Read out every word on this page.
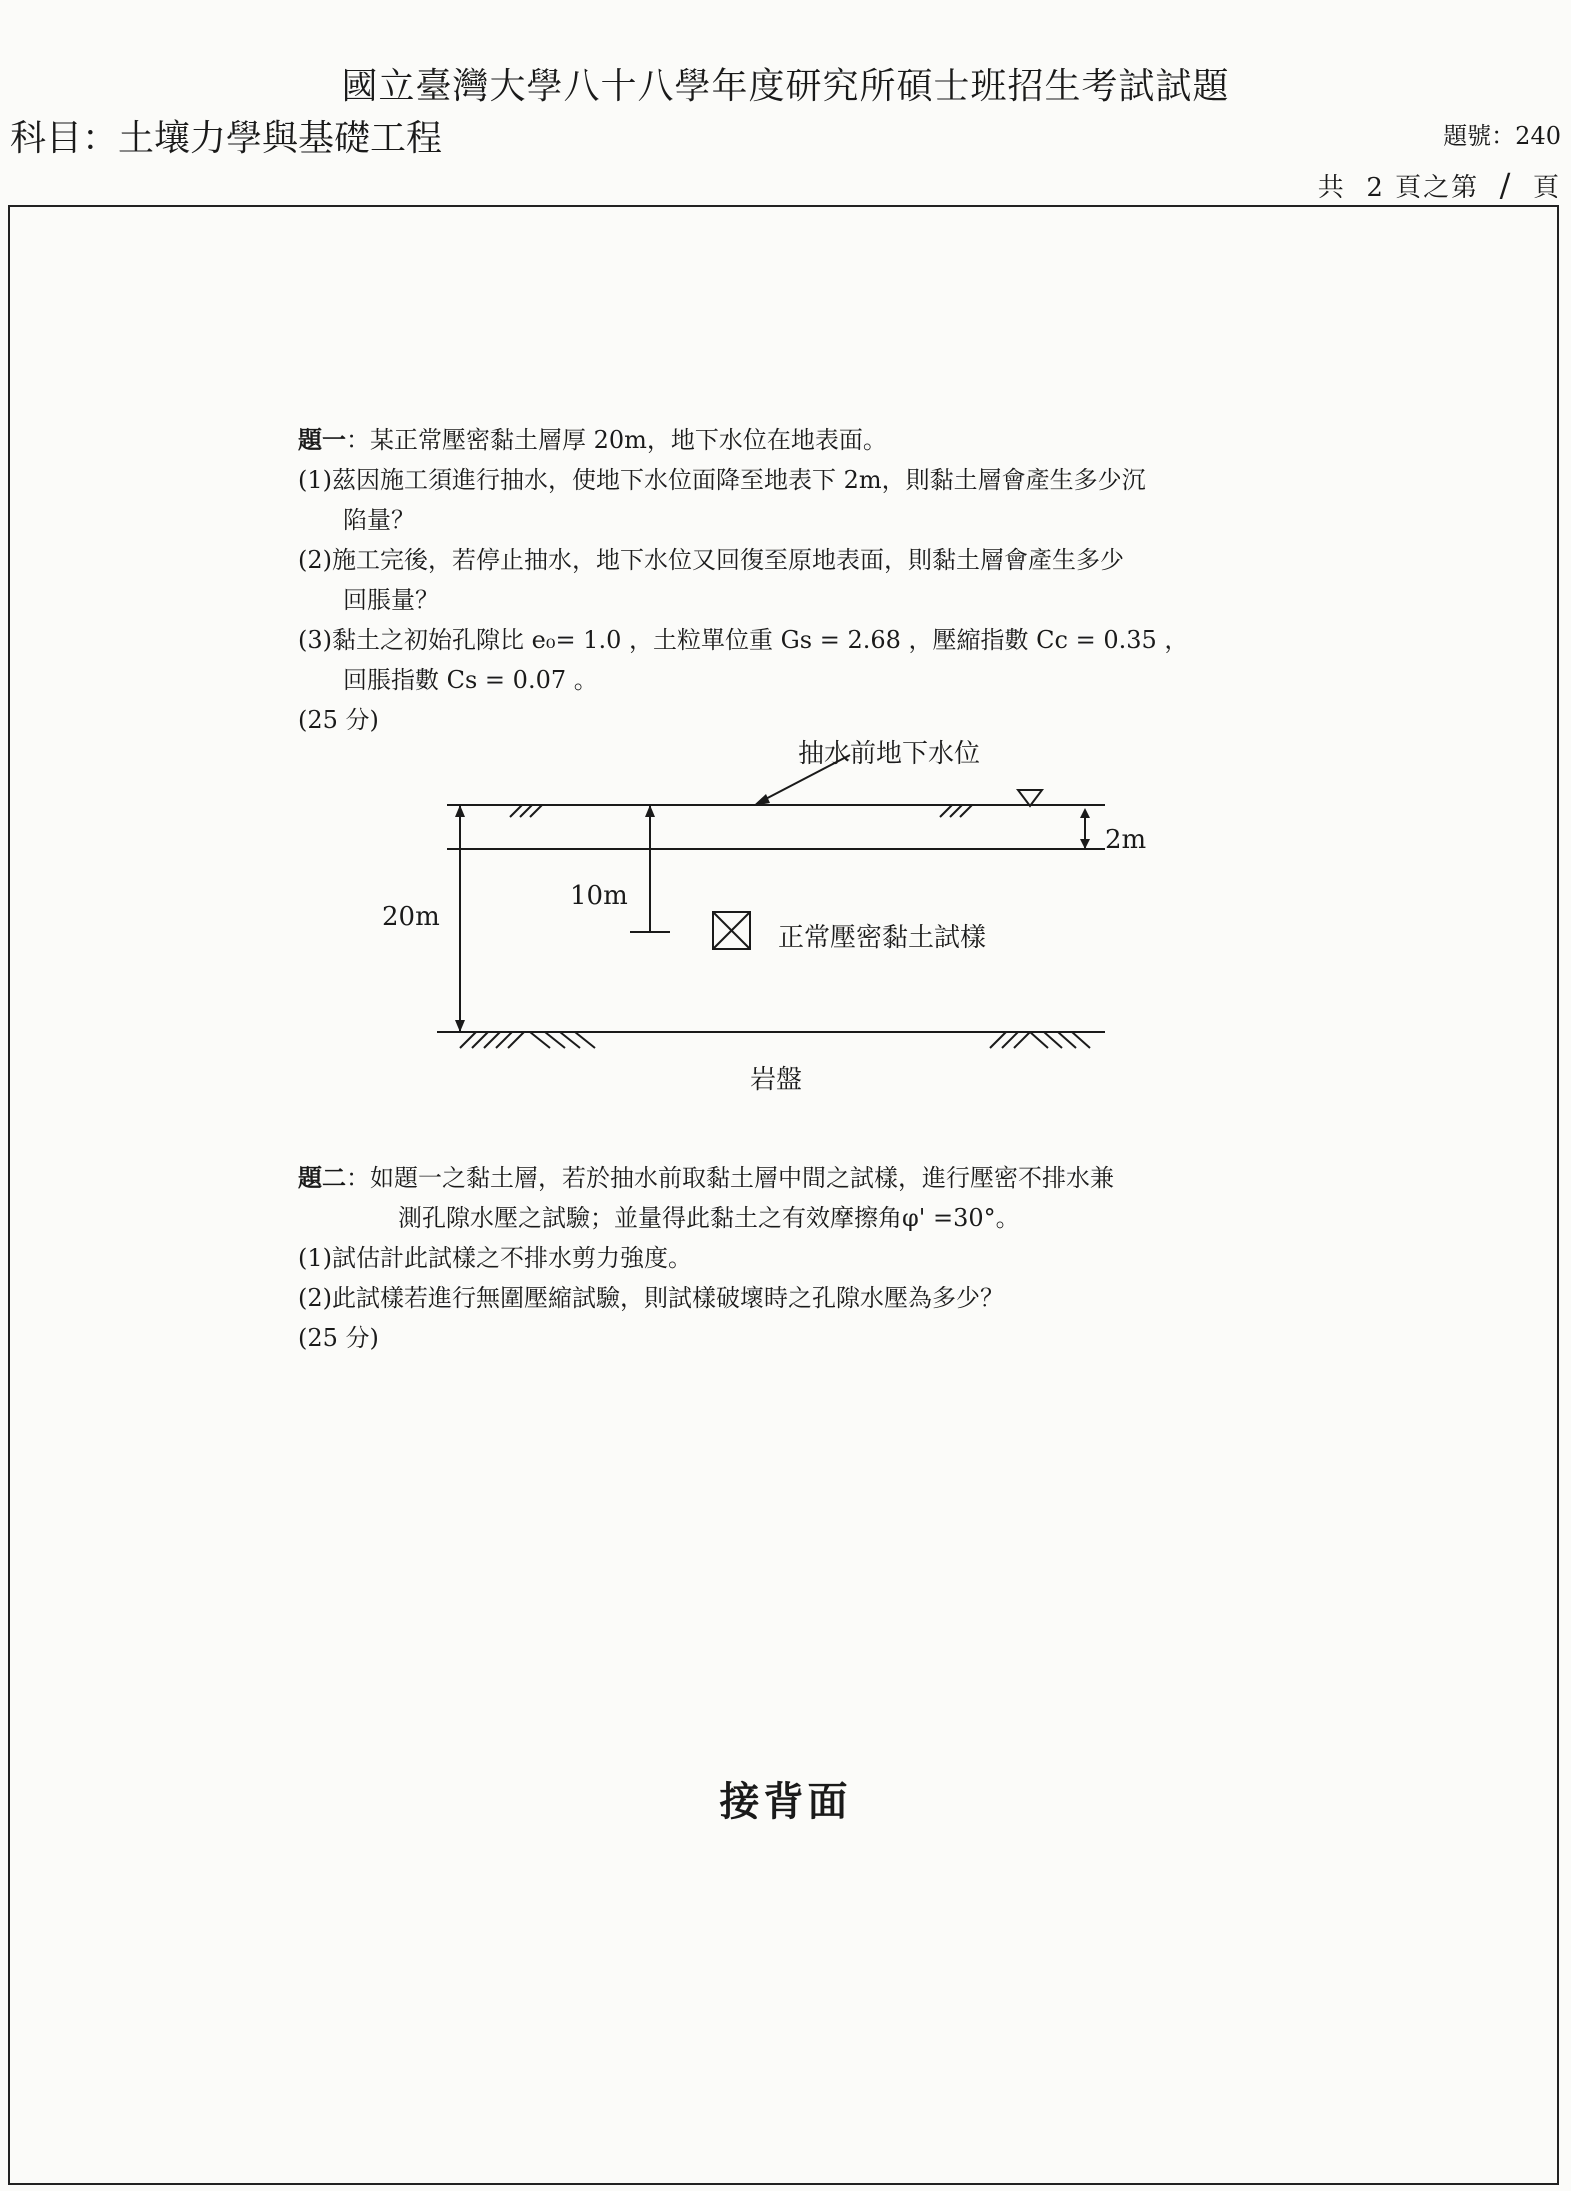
國立臺灣大學八十八學年度研究所碩士班招生考試試題
科目：土壤力學與基礎工程	題號：240
共 2 頁之第 / 頁
題一：某正常壓密黏土層厚 20m，地下水位在地表面。
(1)茲因施工須進行抽水，使地下水位面降至地表下 2m，則黏土層會產生多少沉
陷量？
(2)施工完後，若停止抽水，地下水位又回復至原地表面，則黏土層會產生多少
回脹量？
(3)黏土之初始孔隙比 e₀= 1.0 ，土粒單位重 Gs = 2.68 ，壓縮指數 Cc = 0.35 ，
回脹指數 Cs = 0.07 。
(25 分)
抽水前地下水位
2m
10m
20m
正常壓密黏土試樣
岩盤
題二：如題一之黏土層，若於抽水前取黏土層中間之試樣，進行壓密不排水兼
測孔隙水壓之試驗；並量得此黏土之有效摩擦角φ' =30°。
(1)試估計此試樣之不排水剪力強度。
(2)此試樣若進行無圍壓縮試驗，則試樣破壞時之孔隙水壓為多少？
(25 分)
接背面
